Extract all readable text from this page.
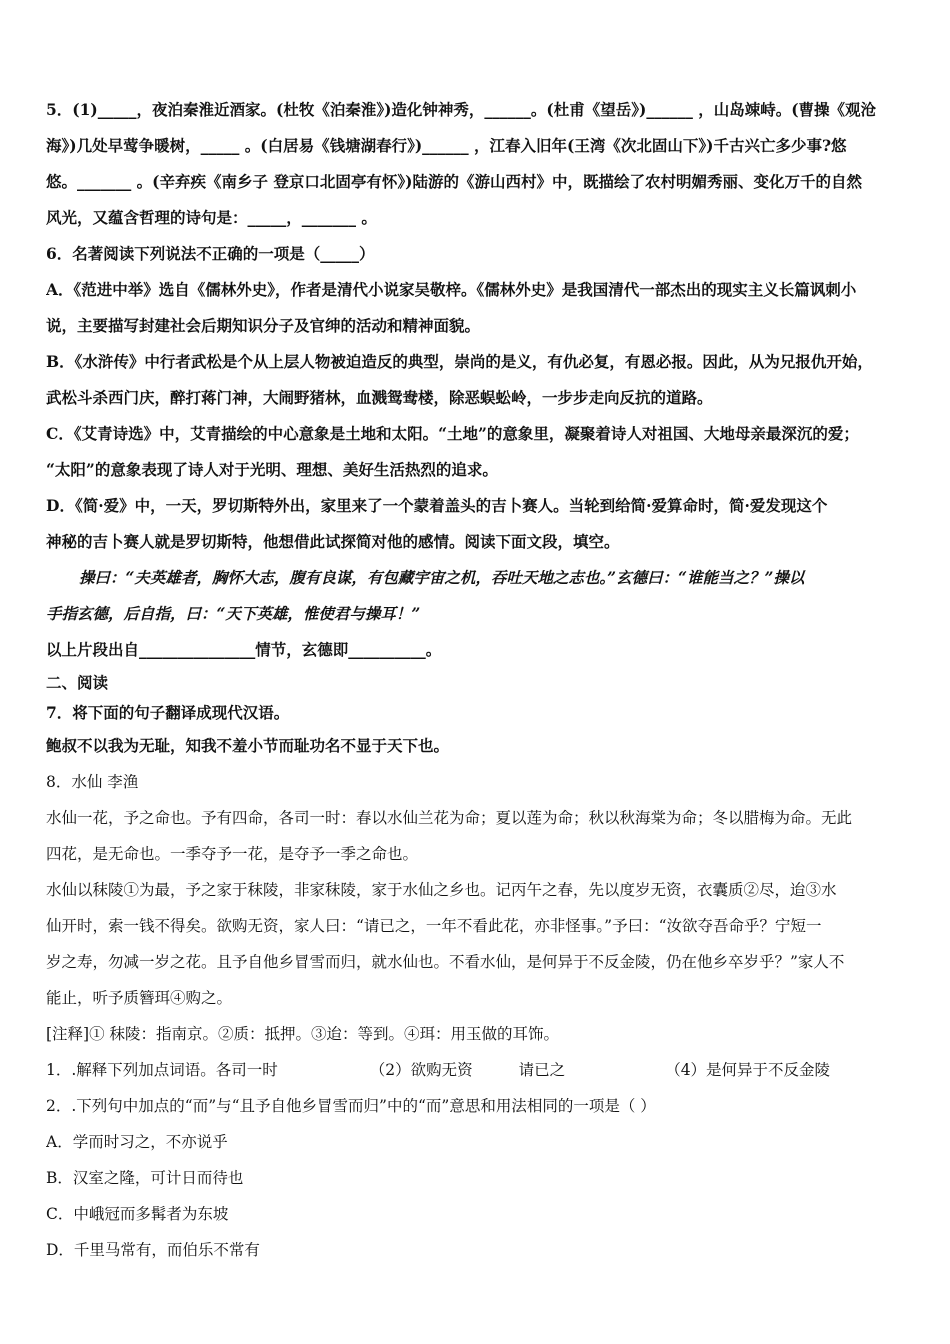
5．(1)_____，夜泊秦淮近酒家。(杜牧《泊秦淮》)造化钟神秀，______。(杜甫《望岳》)______ ，山岛竦峙。(曹操《观沧
海》)几处早莺争暖树，_____ 。(白居易《钱塘湖春行》)______ ，江春入旧年(王湾《次北固山下》)千古兴亡多少事?悠
悠。_______ 。(辛弃疾《南乡子 登京口北固亭有怀》)陆游的《游山西村》中，既描绘了农村明媚秀丽、变化万千的自然
风光，又蕴含哲理的诗句是：_____，_______ 。
6．名著阅读下列说法不正确的一项是（_____）
A．《范进中举》选自《儒林外史》，作者是清代小说家吴敬梓。《儒林外史》是我国清代一部杰出的现实主义长篇讽刺小
说，主要描写封建社会后期知识分子及官绅的活动和精神面貌。
B．《水浒传》中行者武松是个从上层人物被迫造反的典型，崇尚的是义，有仇必复，有恩必报。因此，从为兄报仇开始，
武松斗杀西门庆，醉打蒋门神，大闹野猪林，血溅鸳鸯楼，除恶蜈蚣岭，一步步走向反抗的道路。
C．《艾青诗选》中，艾青描绘的中心意象是土地和太阳。“土地”的意象里，凝聚着诗人对祖国、大地母亲最深沉的爱；
“太阳”的意象表现了诗人对于光明、理想、美好生活热烈的追求。
D．《简·爱》中，一天，罗切斯特外出，家里来了一个蒙着盖头的吉卜赛人。当轮到给简·爱算命时，简·爱发现这个
神秘的吉卜赛人就是罗切斯特，他想借此试探简对他的感情。阅读下面文段，填空。
操曰：“夫英雄者，胸怀大志，腹有良谋，有包藏宇宙之机，吞吐天地之志也。”玄德曰：“谁能当之？”操以
手指玄德，后自指，曰：“天下英雄，惟使君与操耳！”
以上片段出自_______________情节，玄德即__________。
二、阅读
7．将下面的句子翻译成现代汉语。
鲍叔不以我为无耻，知我不羞小节而耻功名不显于天下也。
8．水仙 李渔
水仙一花，予之命也。予有四命，各司一时：春以水仙兰花为命；夏以莲为命；秋以秋海棠为命；冬以腊梅为命。无此
四花，是无命也。一季夺予一花，是夺予一季之命也。
水仙以秣陵①为最，予之家于秣陵，非家秣陵，家于水仙之乡也。记丙午之春，先以度岁无资，衣囊质②尽，迨③水
仙开时，索一钱不得矣。欲购无资，家人曰：“请已之，一年不看此花，亦非怪事。”予曰：“汝欲夺吾命乎？宁短一
岁之寿，勿减一岁之花。且予自他乡冒雪而归，就水仙也。不看水仙，是何异于不反金陵，仍在他乡卒岁乎？”家人不
能止，听予质簪珥④购之。
[注释]① 秣陵：指南京。②质：抵押。③迨：等到。④珥：用玉做的耳饰。
1．.解释下列加点词语。各司一时	（2）欲购无资	请已之	（4）是何异于不反金陵
2．.下列句中加点的“而”与“且予自他乡冒雪而归”中的“而”意思和用法相同的一项是（ ）
A．学而时习之，不亦说乎
B．汉室之隆，可计日而待也
C．中峨冠而多髯者为东坡
D．千里马常有，而伯乐不常有
